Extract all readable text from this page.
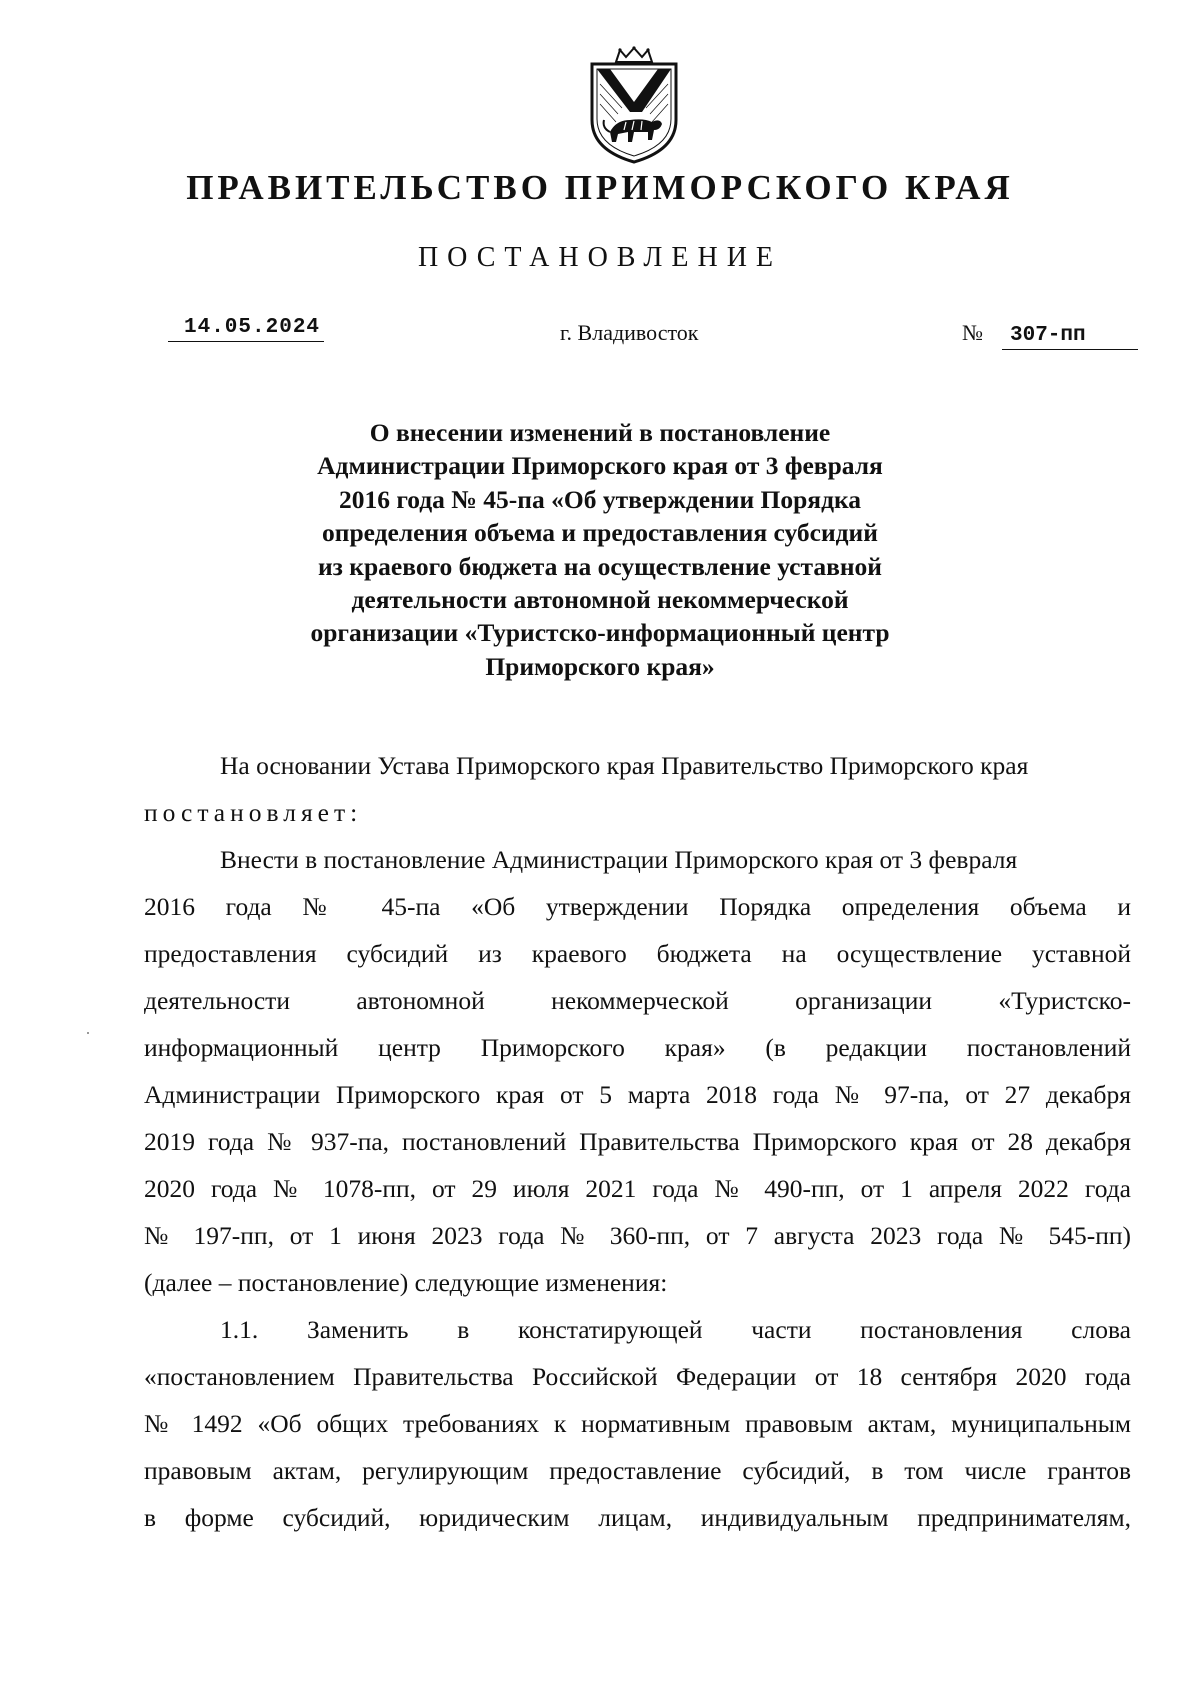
ПРАВИТЕЛЬСТВО ПРИМОРСКОГО КРАЯ
ПОСТАНОВЛЕНИЕ
14.05.2024	г. Владивосток	№	307-пп
О внесении изменений в постановление
Администрации Приморского края от 3 февраля
2016 года № 45-па «Об утверждении Порядка
определения объема и предоставления субсидий
из краевого бюджета на осуществление уставной
деятельности автономной некоммерческой
организации «Туристско-информационный центр
Приморского края»
На основании Устава Приморского края Правительство Приморского края
постановляет:
Внести в постановление Администрации Приморского края от 3 февраля
2016 года № 45-па «Об утверждении Порядка определения объема и
предоставления субсидий из краевого бюджета на осуществление уставной
деятельности автономной некоммерческой организации «Туристско-
информационный центр Приморского края» (в редакции постановлений
Администрации Приморского края от 5 марта 2018 года № 97-па, от 27 декабря
2019 года № 937-па, постановлений Правительства Приморского края от 28 декабря
2020 года № 1078-пп, от 29 июля 2021 года № 490-пп, от 1 апреля 2022 года
№ 197-пп, от 1 июня 2023 года № 360-пп, от 7 августа 2023 года № 545-пп)
(далее – постановление) следующие изменения:
1.1. Заменить в констатирующей части постановления слова
«постановлением Правительства Российской Федерации от 18 сентября 2020 года
№ 1492 «Об общих требованиях к нормативным правовым актам, муниципальным
правовым актам, регулирующим предоставление субсидий, в том числе грантов
в форме субсидий, юридическим лицам, индивидуальным предпринимателям,
